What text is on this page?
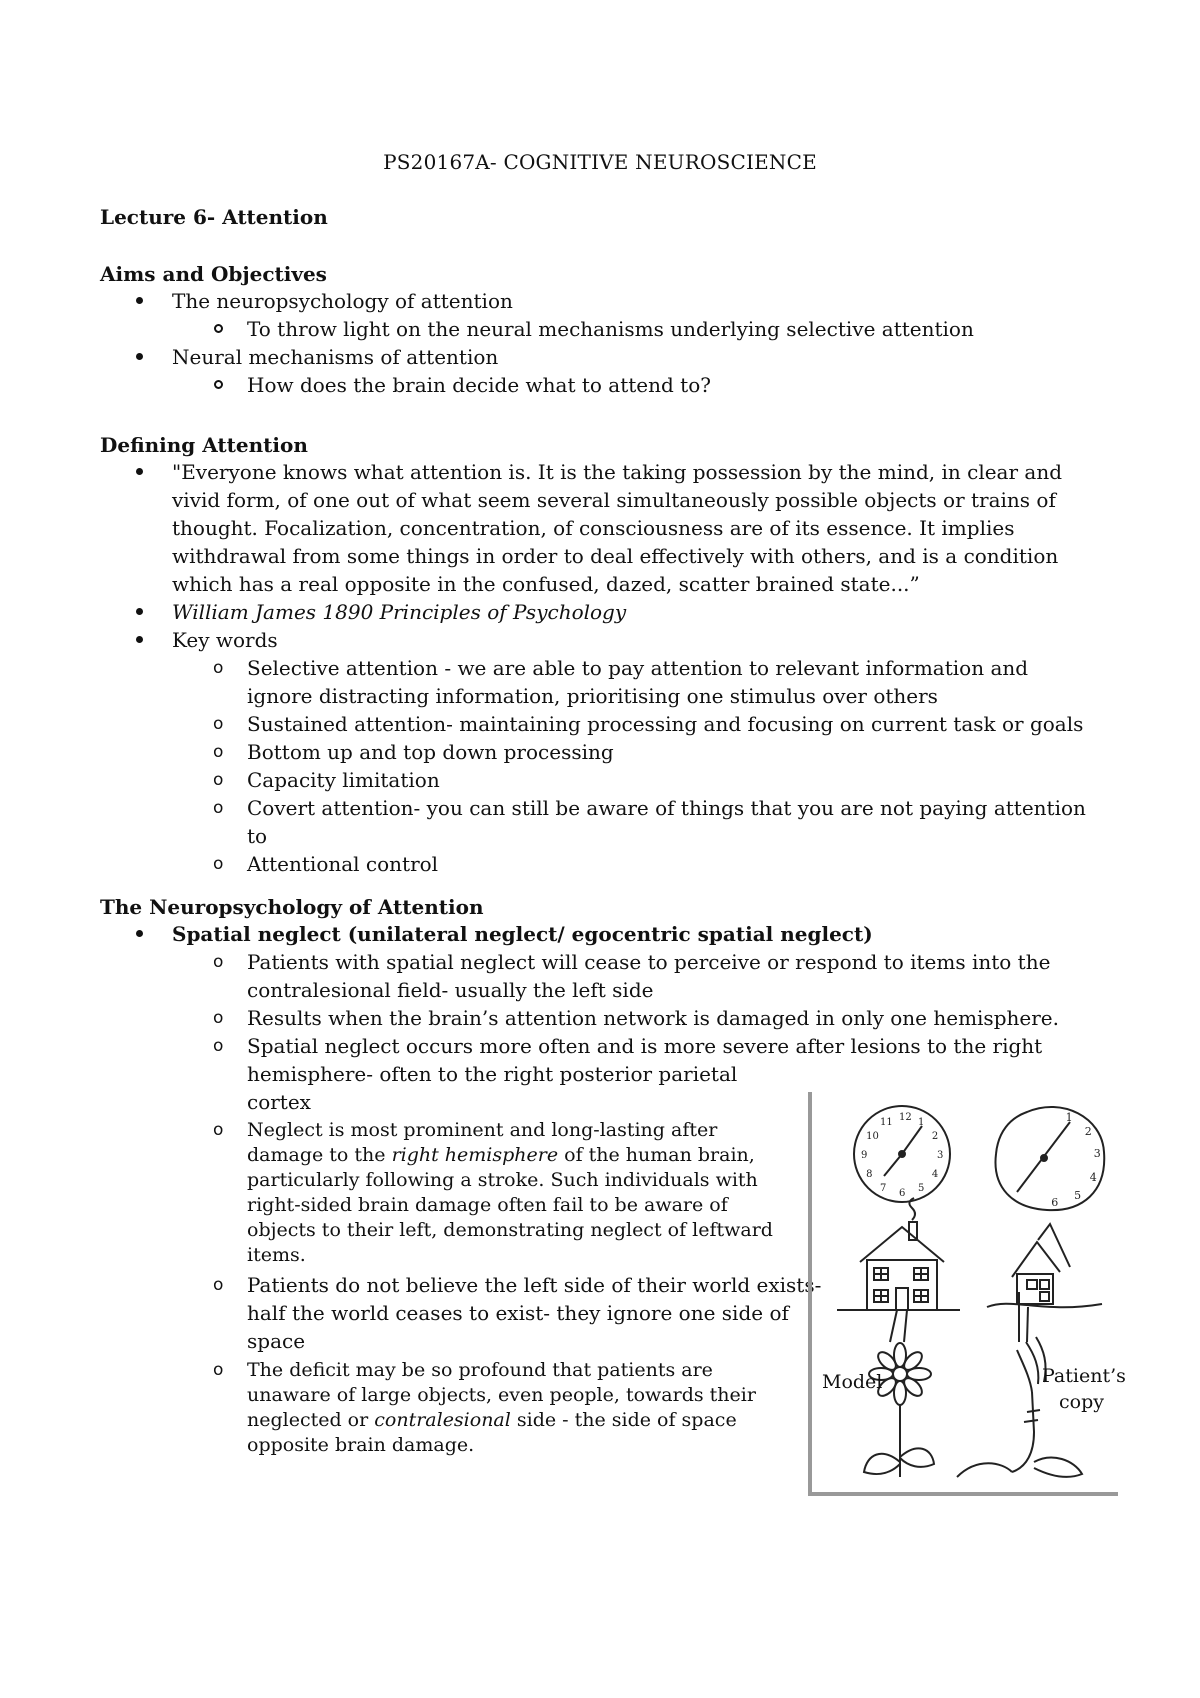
PS20167A- COGNITIVE NEUROSCIENCE
Lecture 6- Attention
Aims and Objectives
The neuropsychology of attention
To throw light on the neural mechanisms underlying selective attention
Neural mechanisms of attention
How does the brain decide what to attend to?
Defining Attention
"Everyone knows what attention is. It is the taking possession by the mind, in clear and vivid form, of one out of what seem several simultaneously possible objects or trains of thought. Focalization, concentration, of consciousness are of its essence. It implies withdrawal from some things in order to deal effectively with others, and is a condition which has a real opposite in the confused, dazed, scatter brained state...”
William James 1890 Principles of Psychology
Key words
o Selective attention - we are able to pay attention to relevant information and ignore distracting information, prioritising one stimulus over others
o Sustained attention- maintaining processing and focusing on current task or goals
o Bottom up and top down processing
o Capacity limitation
o Covert attention- you can still be aware of things that you are not paying attention to
o Attentional control
The Neuropsychology of Attention
Spatial neglect (unilateral neglect/ egocentric spatial neglect)
o Patients with spatial neglect will cease to perceive or respond to items into the contralesional field- usually the left side
o Results when the brain’s attention network is damaged in only one hemisphere.
o Spatial neglect occurs more often and is more severe after lesions to the right
hemisphere- often to the right posterior parietal
cortex
o Neglect is most prominent and long-lasting after damage to the right hemisphere of the human brain, particularly following a stroke. Such individuals with right-sided brain damage often fail to be aware of objects to their left, demonstrating neglect of leftward items.
o Patients do not believe the left side of their world exists- half the world ceases to exist- they ignore one side of space
o The deficit may be so profound that patients are unaware of large objects, even people, towards their neglected or contralesional side - the side of space opposite brain damage.
12 1
2
3
4
5
6
7
8
9
10
11	1
2
3
4
5
6
Model	Patient’s
copy
